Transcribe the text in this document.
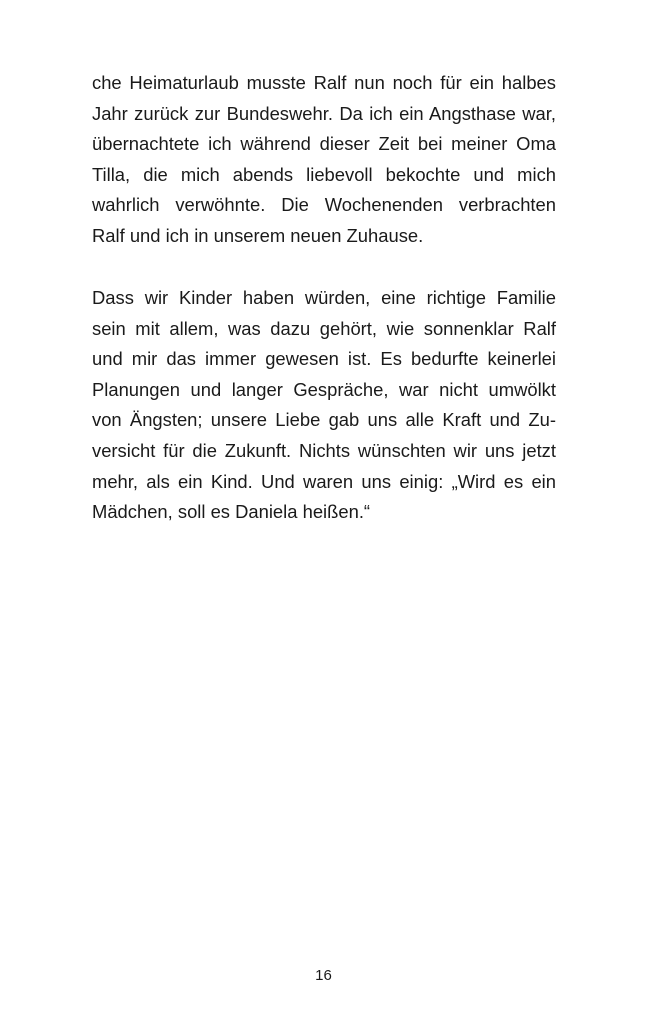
che Heimaturlaub musste Ralf nun noch für ein halbes
Jahr zurück zur Bundeswehr. Da ich ein Angsthase war,
übernachtete ich während dieser Zeit bei meiner Oma
Tilla, die mich abends liebevoll bekochte und mich
wahrlich verwöhnte. Die Wochenenden verbrachten
Ralf und ich in unserem neuen Zuhause.
Dass wir Kinder haben würden, eine richtige Familie
sein mit allem, was dazu gehört, wie sonnenklar Ralf
und mir das immer gewesen ist. Es bedurfte keinerlei
Planungen und langer Gespräche, war nicht umwölkt
von Ängsten; unsere Liebe gab uns alle Kraft und Zu-
versicht für die Zukunft. Nichts wünschten wir uns jetzt
mehr, als ein Kind. Und waren uns einig: „Wird es ein
Mädchen, soll es Daniela heißen.“
16
